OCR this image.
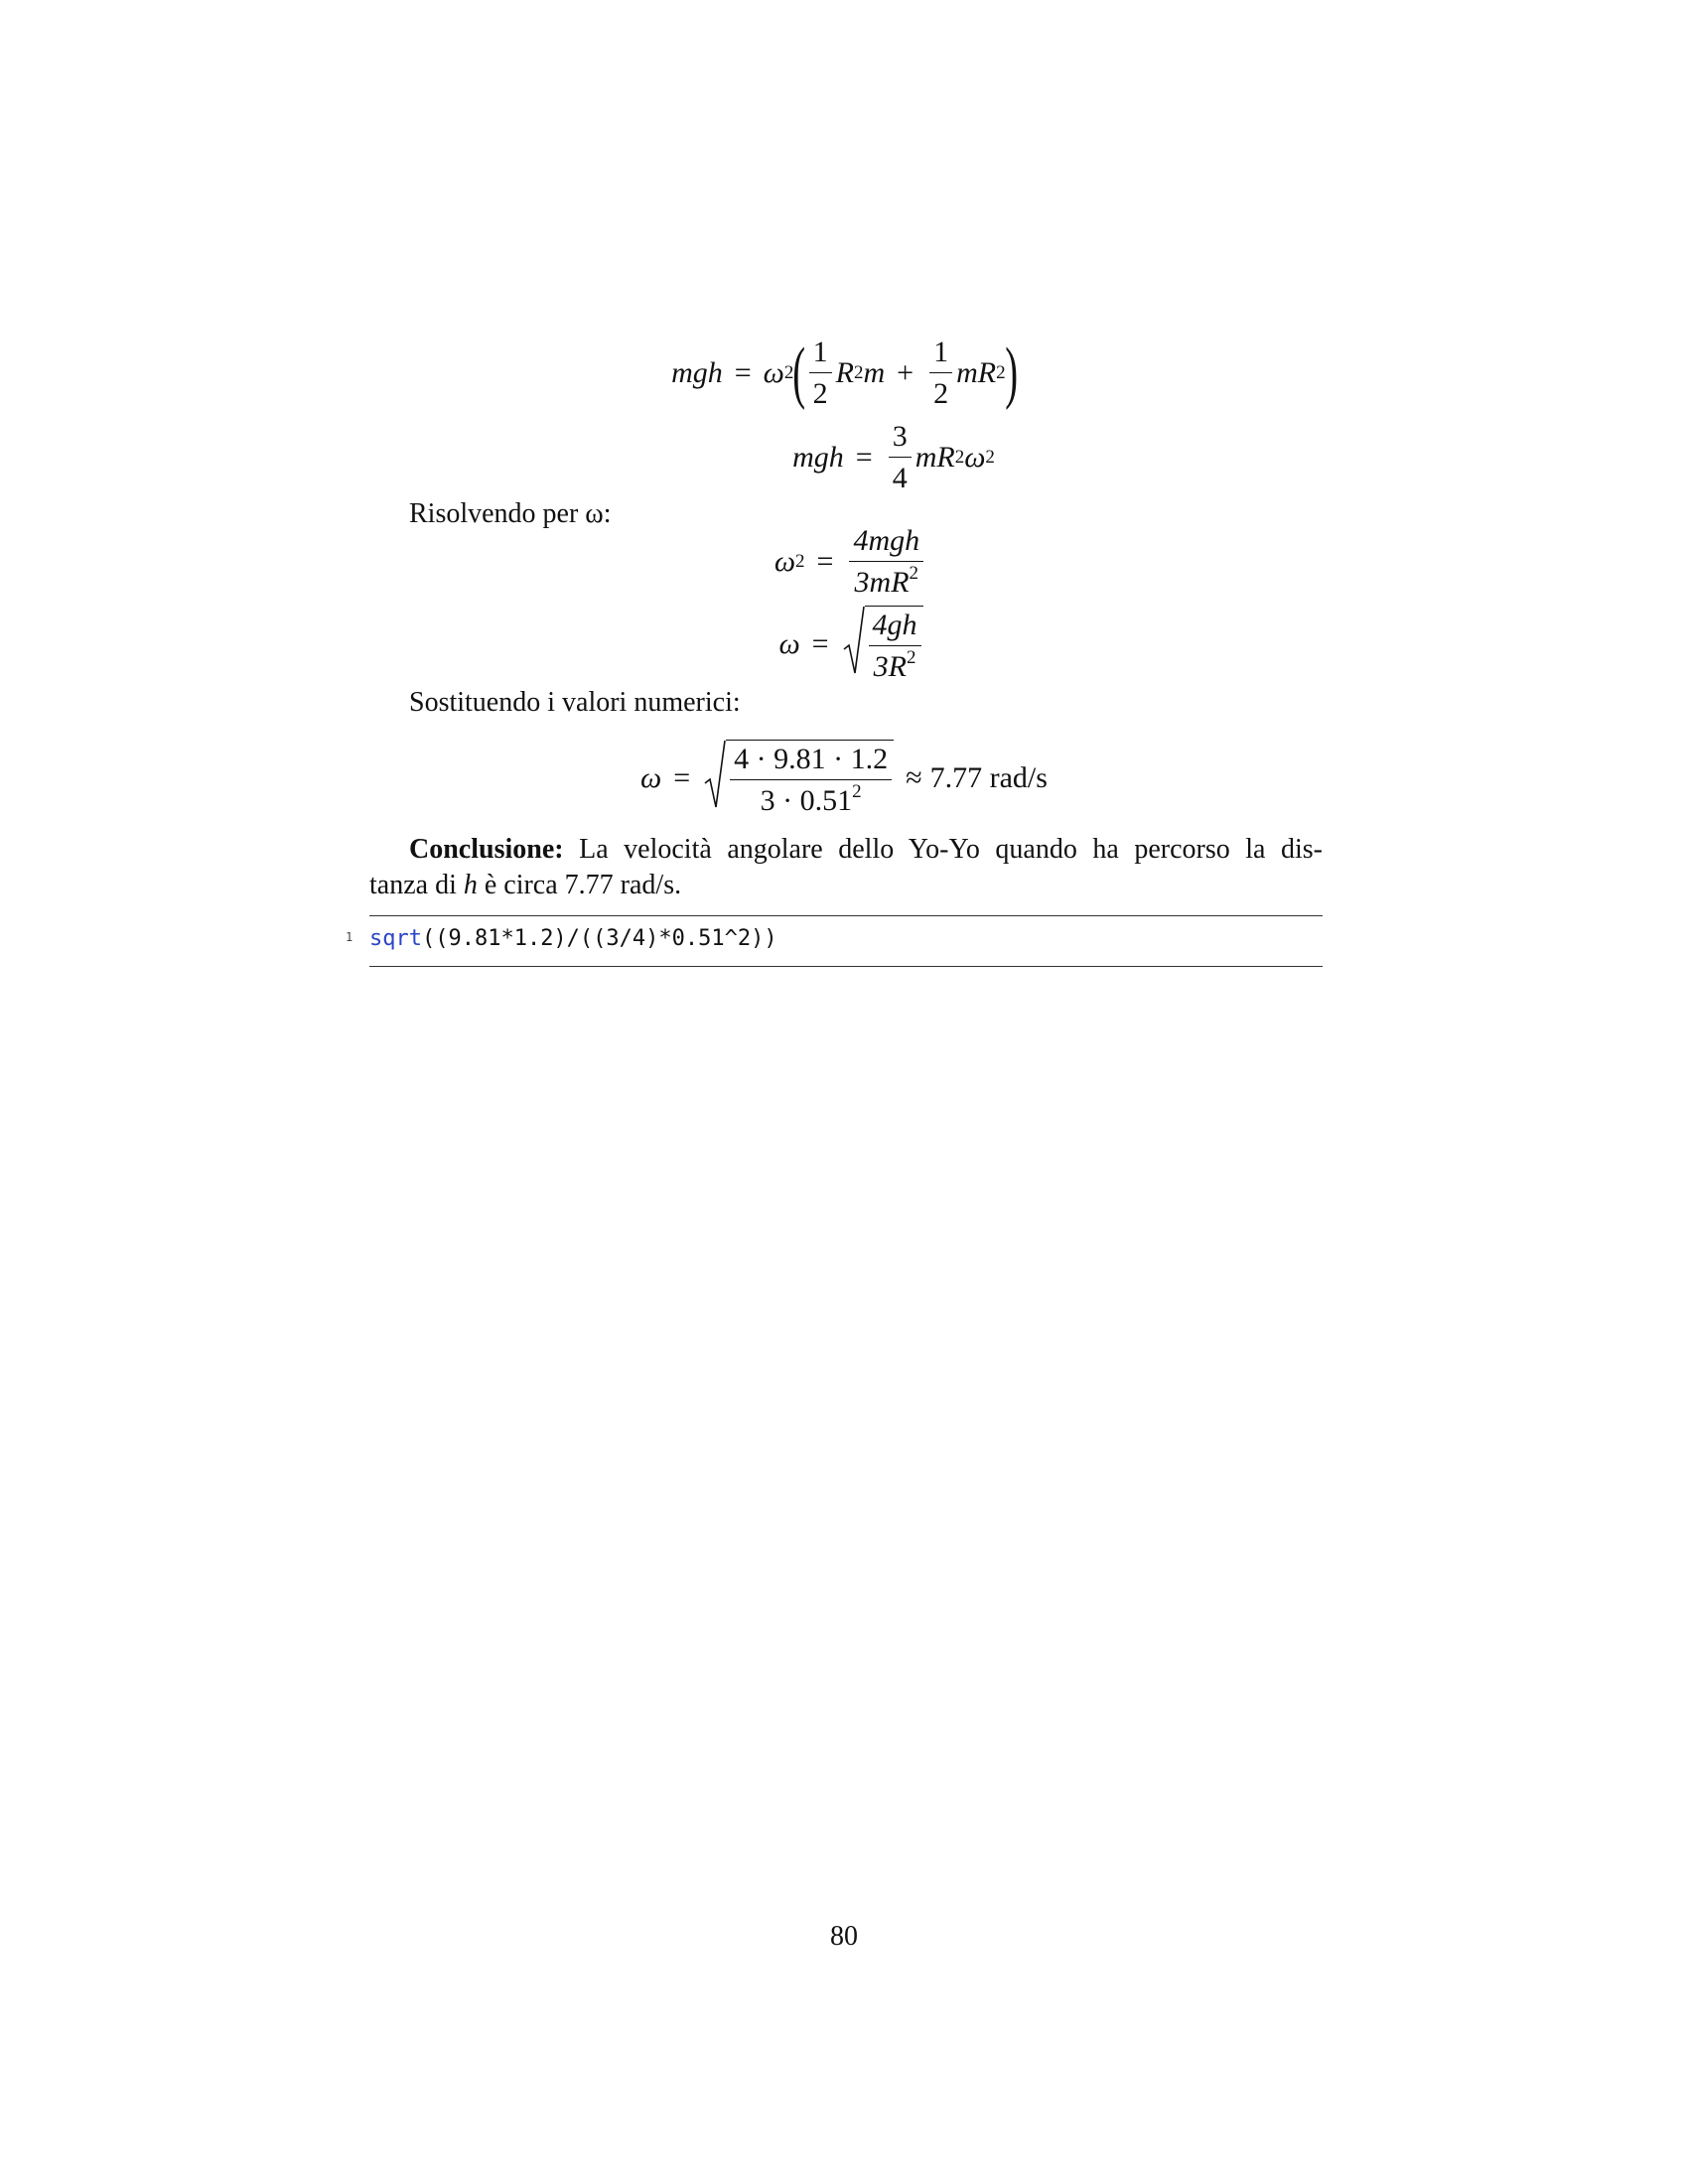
mgh = ω 2 ( $\frac{1}{2}$ R 2 $m + \frac{1}{2}$ m R 2 )
mgh = $\frac{3}{4}$ mR 2 ω 2
Risolvendo per ω:
ω $2 = \frac{\text{4mgh}}{3mR^2}$
$\omega = \frac{4gh}{3R^2}$
Sostituendo i valori numerici:
$\omega = \frac{4 \cdot 9.81 \cdot 1.2}{3 \cdot 0.51^2} \approx 7.77$ rad/s
Conclusione: La velocità angolare dello Yo-Yo quando ha percorso la dis-
tanza di h è circa 7.77 rad/s.
1 sqrt((9.81*1.2)/((3/4)*0.51^2))
80
